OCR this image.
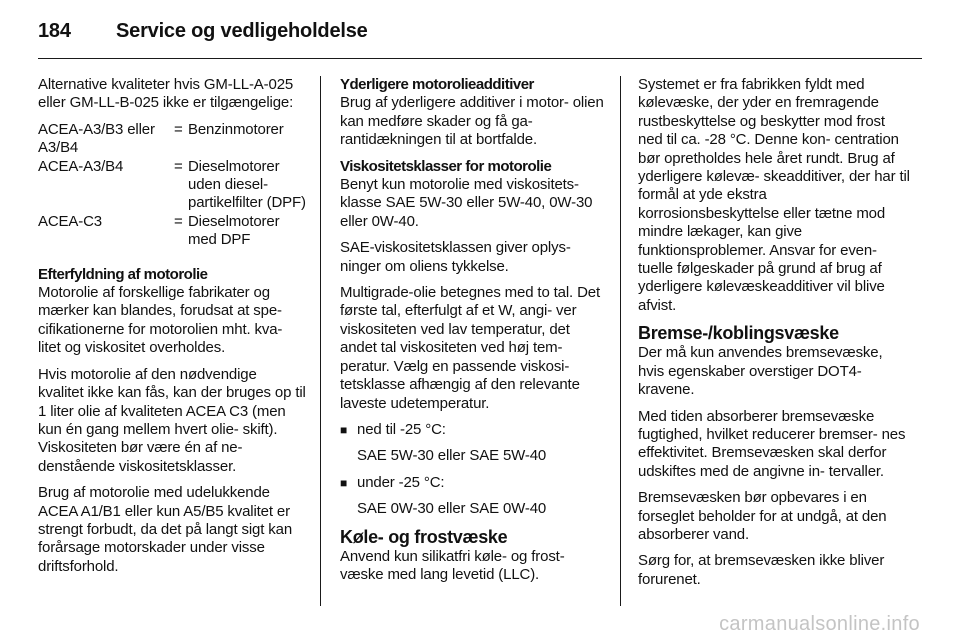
184 Service og vedligeholdelse

Alternative kvaliteter hvis GM-LL-A-025 eller GM-LL-B-025 ikke er tilgængelige:

ACEA-A3/B3 eller A3/B4
= Benzinmotorer
ACEA-A3/B4	= Dieselmotorer uden diesel- partikelfilter (DPF)
ACEA-C3	= Dieselmotorer med DPF
Efterfyldning af motorolie

Motorolie af forskellige fabrikater og mærker kan blandes, forudsat at spe- cifikationerne for motorolien mht. kva- litet og viskositet overholdes.

Hvis motorolie af den nødvendige kvalitet ikke kan fås, kan der bruges op til 1 liter olie af kvaliteten ACEA C3 (men kun én gang mellem hvert olie- skift). Viskositeten bør være én af ne- denstående viskositetsklasser.

Brug af motorolie med udelukkende ACEA A1/B1 eller kun A5/B5 kvalitet er strengt forbudt, da det på langt sigt kan forårsage motorskader under visse driftsforhold.

Yderligere motorolieadditiver

Brug af yderligere additiver i motor- olien kan medføre skader og få ga- rantidækningen til at bortfalde.

Viskositetsklasser for motorolie

Benyt kun motorolie med viskositets- klasse SAE 5W-30 eller 5W-40, 0W-30 eller 0W-40.

SAE-viskositetsklassen giver oplys- ninger om oliens tykkelse.

Multigrade-olie betegnes med to tal. Det første tal, efterfulgt af et W, angi- ver viskositeten ved lav temperatur, det andet tal viskositeten ved høj tem- peratur. Vælg en passende viskosi- tetsklasse afhængig af den relevante laveste udetemperatur.

■ ned til -25 °C:
SAE 5W-30 eller SAE 5W-40
■ under -25 °C:
SAE 0W-30 eller SAE 0W-40
Køle- og frostvæske

Anvend kun silikatfri køle- og frost- væske med lang levetid (LLC).

Systemet er fra fabrikken fyldt med kølevæske, der yder en fremragende rustbeskyttelse og beskytter mod frost ned til ca. -28 °C. Denne kon- centration bør opretholdes hele året rundt. Brug af yderligere kølevæ- skeadditiver, der har til formål at yde ekstra korrosionsbeskyttelse eller tætne mod mindre lækager, kan give funktionsproblemer. Ansvar for even- tuelle følgeskader på grund af brug af yderligere kølevæskeadditiver vil blive afvist.

Bremse-/koblingsvæske

Der må kun anvendes bremsevæske, hvis egenskaber overstiger DOT4- kravene.

Med tiden absorberer bremsevæske fugtighed, hvilket reducerer bremser- nes effektivitet. Bremsevæsken skal derfor udskiftes med de angivne in- tervaller.

Bremsevæsken bør opbevares i en forseglet beholder for at undgå, at den absorberer vand.

Sørg for, at bremsevæsken ikke bliver forurenet.

carmanualsonline.info
